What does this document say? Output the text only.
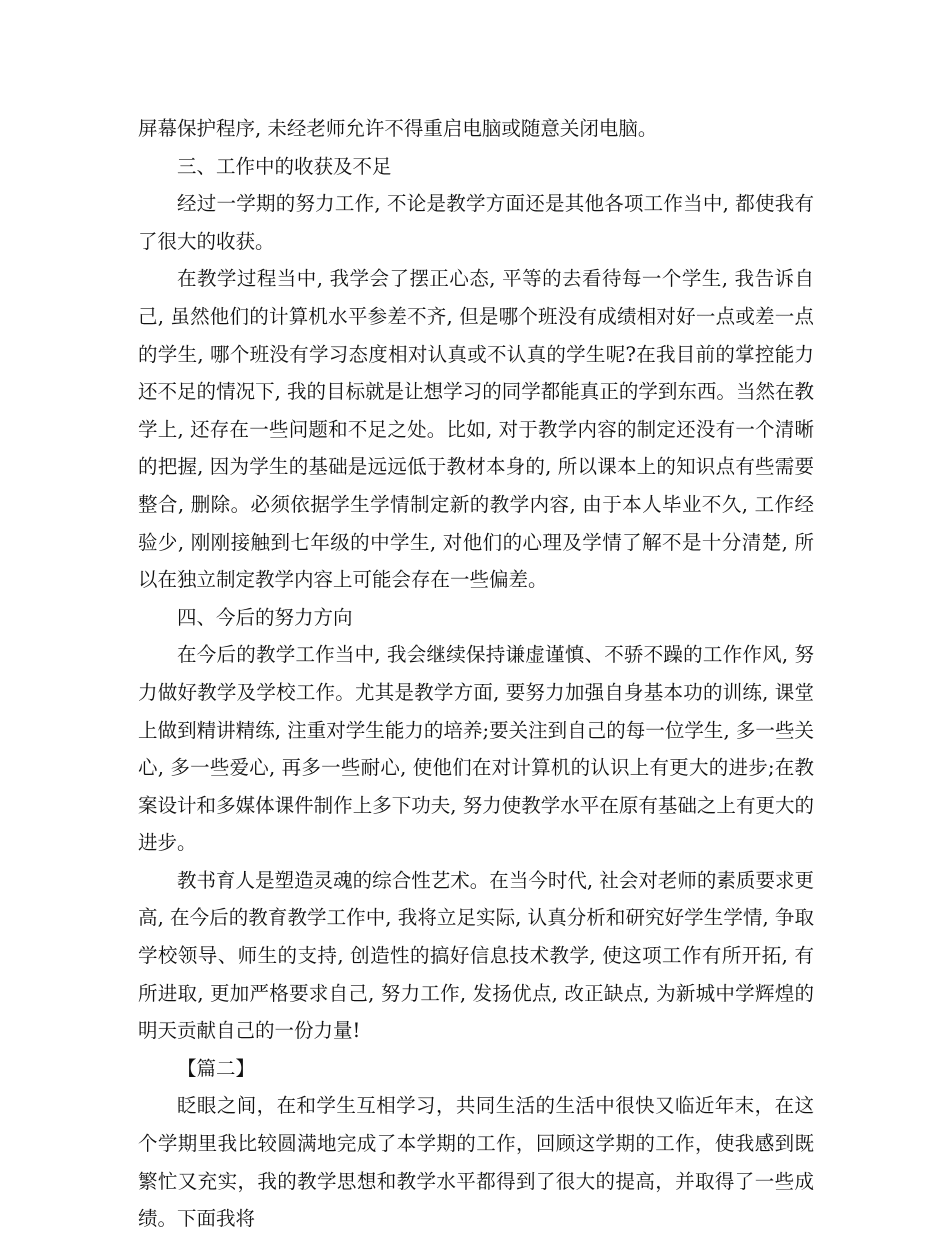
屏幕保护程序, 未经老师允许不得重启电脑或随意关闭电脑。

三、工作中的收获及不足

经过一学期的努力工作, 不论是教学方面还是其他各项工作当中, 都使我有了很大的收获。

在教学过程当中, 我学会了摆正心态, 平等的去看待每一个学生, 我告诉自己, 虽然他们的计算机水平参差不齐, 但是哪个班没有成绩相对好一点或差一点的学生, 哪个班没有学习态度相对认真或不认真的学生呢?在我目前的掌控能力还不足的情况下, 我的目标就是让想学习的同学都能真正的学到东西。当然在教学上, 还存在一些问题和不足之处。比如, 对于教学内容的制定还没有一个清晰的把握, 因为学生的基础是远远低于教材本身的, 所以课本上的知识点有些需要整合, 删除。必须依据学生学情制定新的教学内容, 由于本人毕业不久, 工作经验少, 刚刚接触到七年级的中学生, 对他们的心理及学情了解不是十分清楚, 所以在独立制定教学内容上可能会存在一些偏差。

四、今后的努力方向

在今后的教学工作当中, 我会继续保持谦虚谨慎、不骄不躁的工作作风, 努力做好教学及学校工作。尤其是教学方面, 要努力加强自身基本功的训练, 课堂上做到精讲精练, 注重对学生能力的培养;要关注到自己的每一位学生, 多一些关心, 多一些爱心, 再多一些耐心, 使他们在对计算机的认识上有更大的进步;在教案设计和多媒体课件制作上多下功夫, 努力使教学水平在原有基础之上有更大的进步。

教书育人是塑造灵魂的综合性艺术。在当今时代, 社会对老师的素质要求更高, 在今后的教育教学工作中, 我将立足实际, 认真分析和研究好学生学情, 争取学校领导、师生的支持, 创造性的搞好信息技术教学, 使这项工作有所开拓, 有所进取, 更加严格要求自己, 努力工作, 发扬优点, 改正缺点, 为新城中学辉煌的明天贡献自己的一份力量!

【篇二】

眨眼之间，在和学生互相学习，共同生活的生活中很快又临近年末，在这个学期里我比较圆满地完成了本学期的工作，回顾这学期的工作，使我感到既繁忙又充实，我的教学思想和教学水平都得到了很大的提高，并取得了一些成绩。下面我将
